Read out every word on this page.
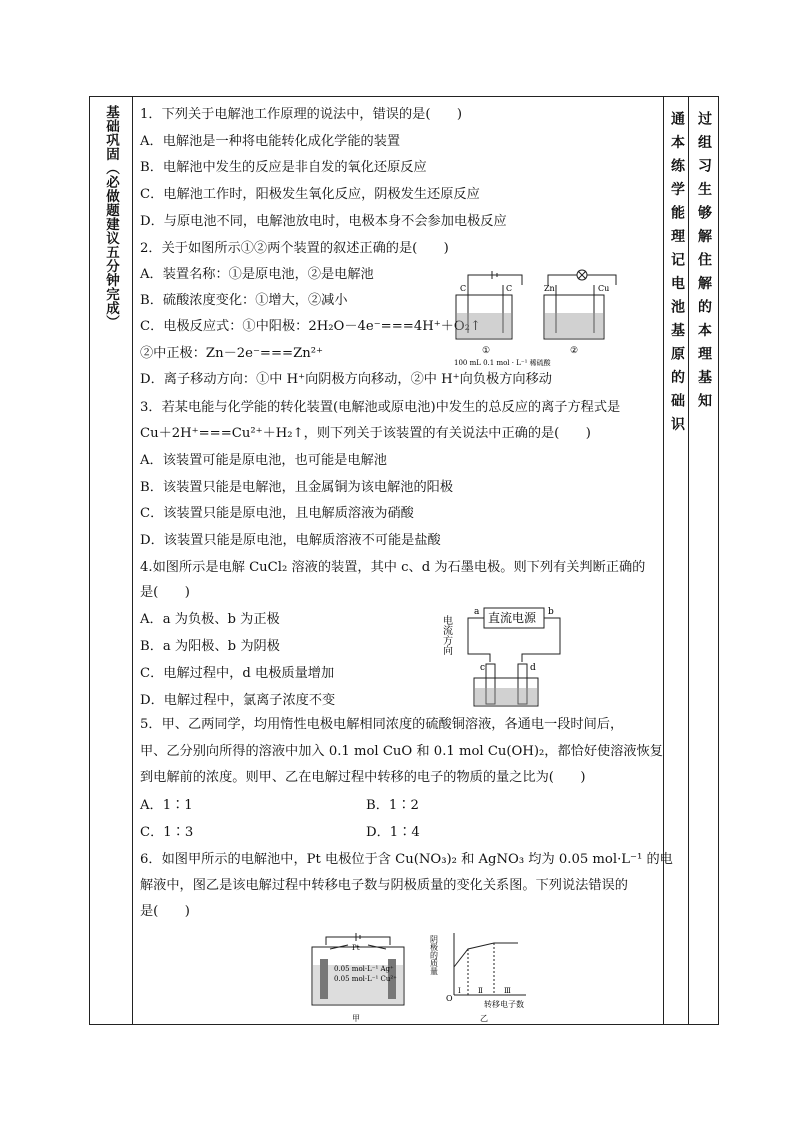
基础巩固（必做题建议五分钟完成）	通本练学能理记电池基原的础识 过组习生够解住解的本理基知
1．下列关于电解池工作原理的说法中，错误的是(　　)
A．电解池是一种将电能转化成化学能的装置
B．电解池中发生的反应是非自发的氧化还原反应
C．电解池工作时，阳极发生氧化反应，阴极发生还原反应
D．与原电池不同，电解池放电时，电极本身不会参加电极反应
2．关于如图所示①②两个装置的叙述正确的是(　　)
A．装置名称：①是原电池，②是电解池
B．硫酸浓度变化：①增大，②减小
C．电极反应式：①中阳极：2H₂O－4e⁻===4H⁺＋O₂↑
②中正极：Zn－2e⁻===Zn²⁺
D．离子移动方向：①中 H⁺向阴极方向移动，②中 H⁺向负极方向移动
3．若某电能与化学能的转化装置(电解池或原电池)中发生的总反应的离子方程式是
Cu＋2H⁺===Cu²⁺＋H₂↑，则下列关于该装置的有关说法中正确的是(　　)
A．该装置可能是原电池，也可能是电解池
B．该装置只能是电解池，且金属铜为该电解池的阳极
C．该装置只能是原电池，且电解质溶液为硝酸
D．该装置只能是原电池，电解质溶液不可能是盐酸
4.如图所示是电解 CuCl₂ 溶液的装置，其中 c、d 为石墨电极。则下列有关判断正确的
是(　　)
A．a 为负极、b 为正极
B．a 为阳极、b 为阴极
C．电解过程中，d 电极质量增加
D．电解过程中，氯离子浓度不变
5．甲、乙两同学，均用惰性电极电解相同浓度的硫酸铜溶液，各通电一段时间后，
甲、乙分别向所得的溶液中加入 0.1 mol CuO 和 0.1 mol Cu(OH)₂，都恰好使溶液恢复
到电解前的浓度。则甲、乙在电解过程中转移的电子的物质的量之比为(　　)
A．1∶1	B．1∶2
C．1∶3	D．1∶4
6．如图甲所示的电解池中，Pt 电极位于含 Cu(NO₃)₂ 和 AgNO₃ 均为 0.05 mol·L⁻¹ 的电
解液中，图乙是该电解过程中转移电子数与阴极质量的变化关系图。下列说法错误的
是(　　)
C	C	Zn	Cu
①	②
100 mL 0.1 mol · L⁻¹ 稀硫酸
直流电源
a	b
c	d
电流方向
Pt
0.05 mol·L⁻¹ Ag⁺
0.05 mol·L⁻¹ Cu²⁺
甲
阴极的质量
O
Ⅰ Ⅱ	Ⅲ
转移电子数
乙
